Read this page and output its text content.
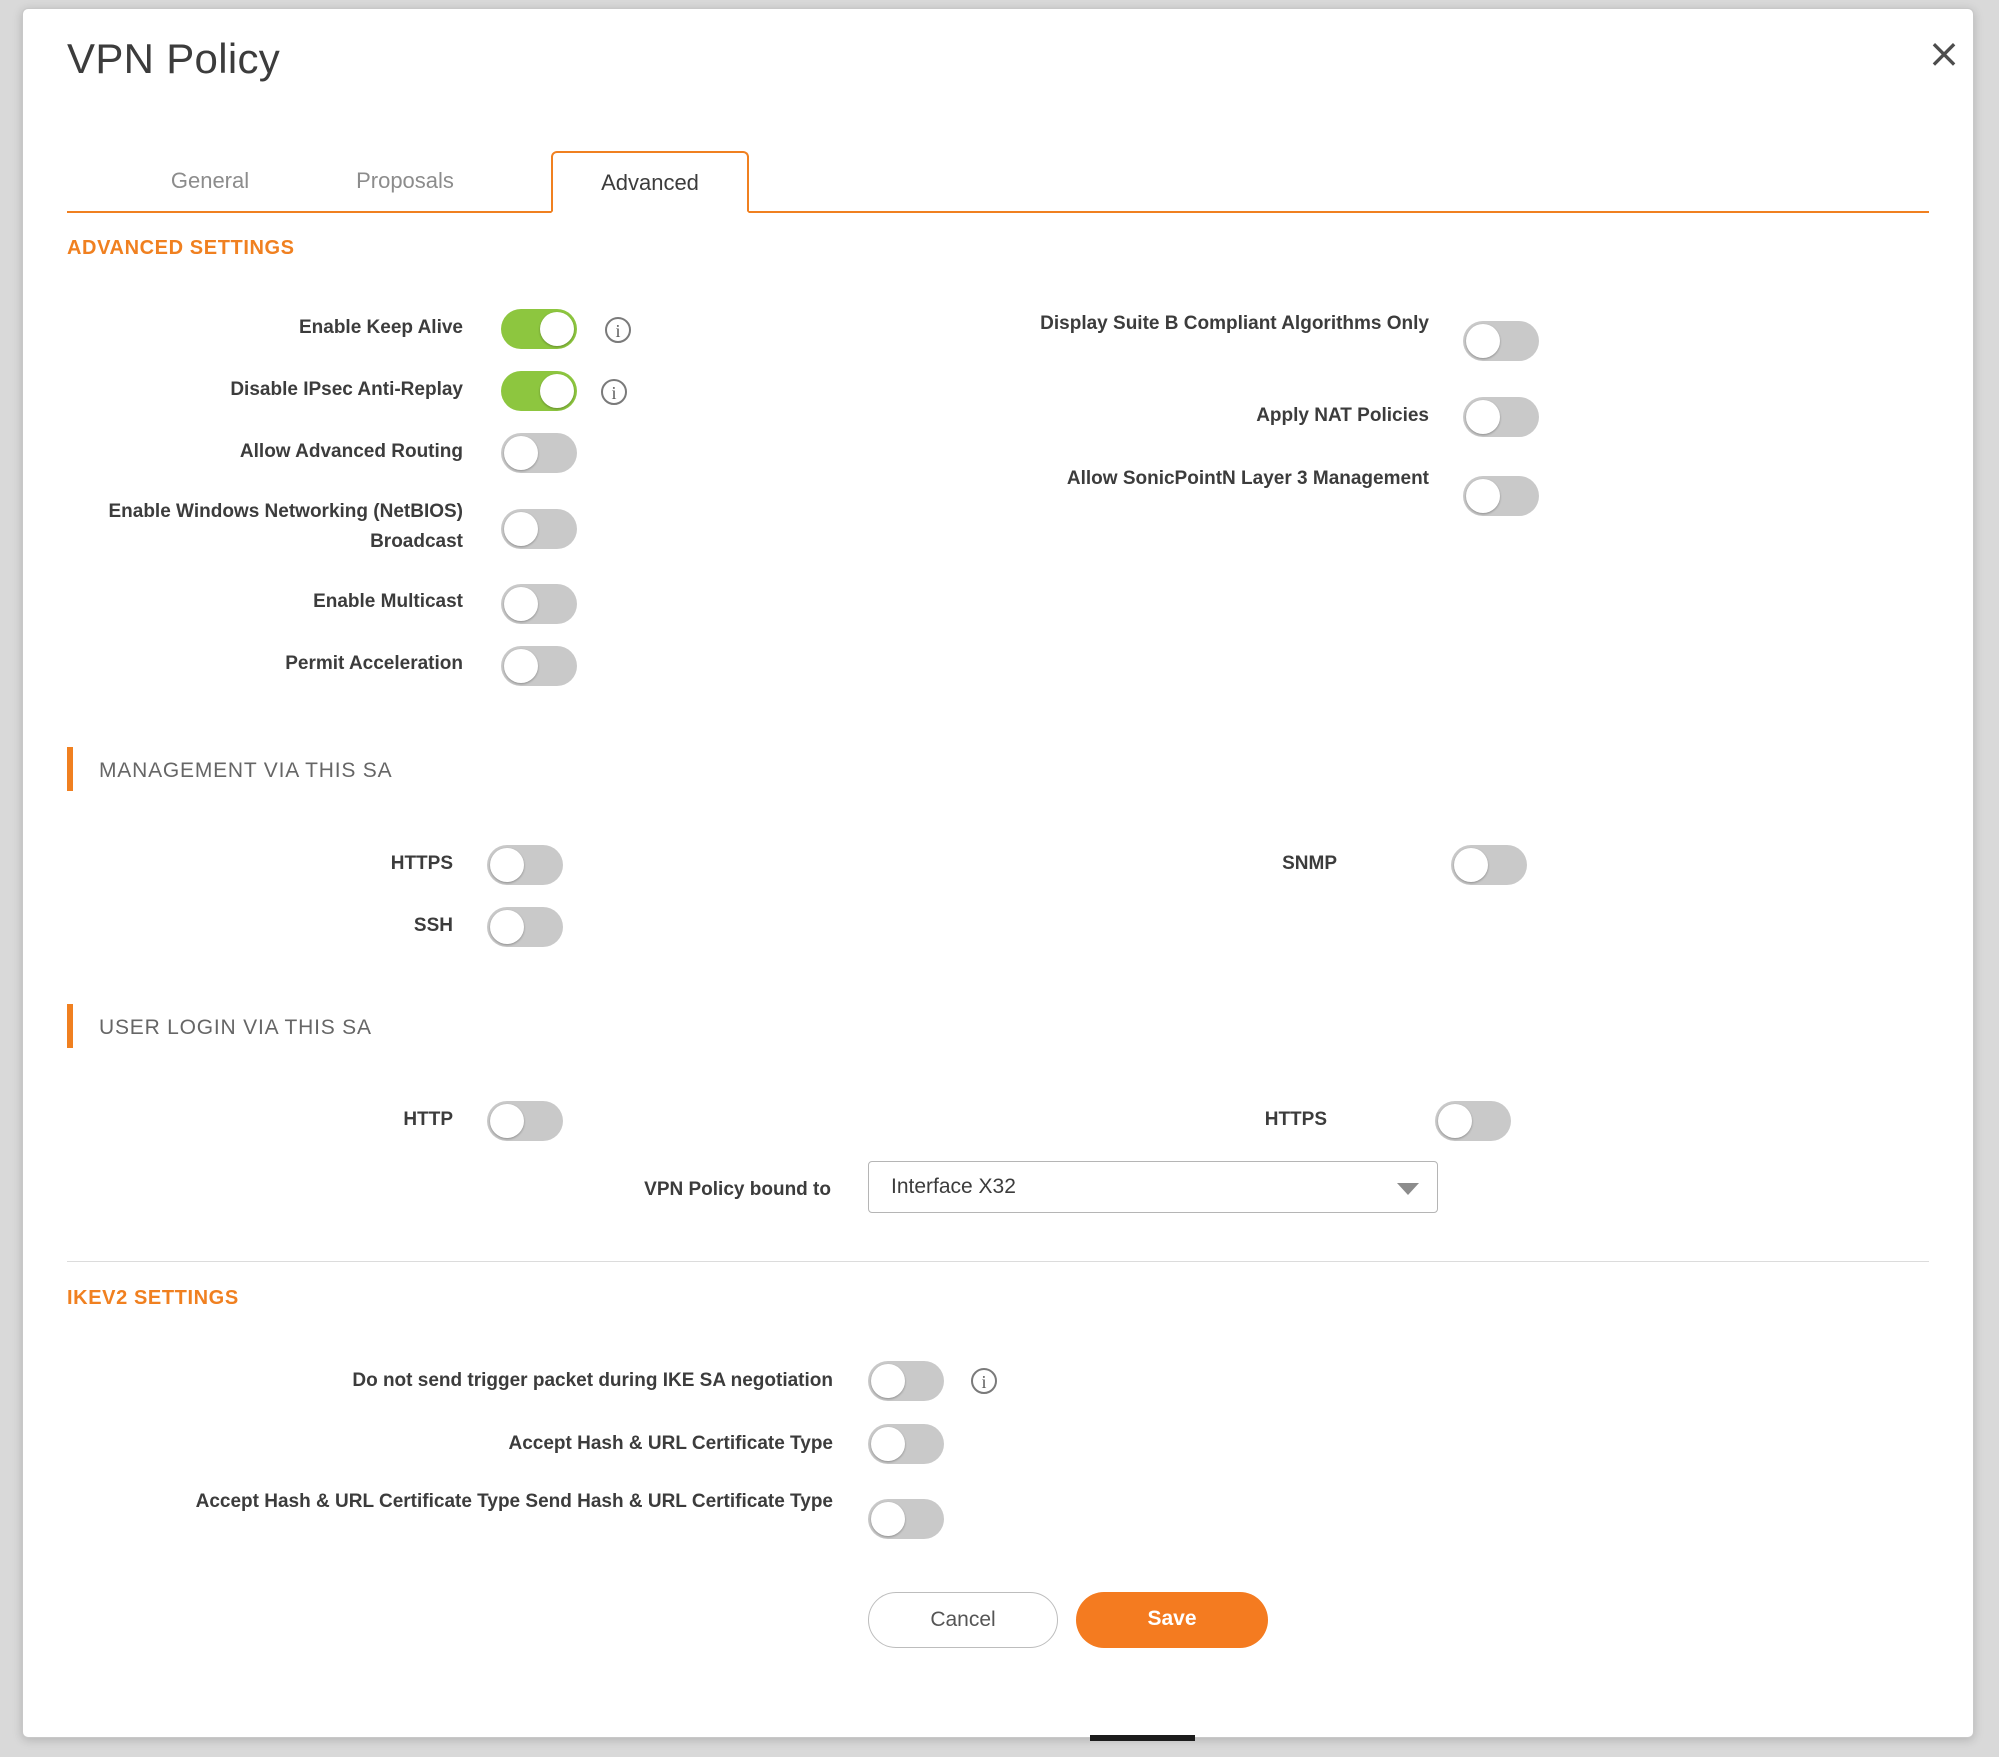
VPN Policy
General	Proposals	Advanced
ADVANCED SETTINGS
Enable Keep Alive	i
Disable IPsec Anti-Replay	i
Allow Advanced Routing
Enable Windows Networking (NetBIOS) Broadcast
Enable Multicast
Permit Acceleration
Display Suite B Compliant Algorithms Only
Apply NAT Policies
Allow SonicPointN Layer 3 Management
MANAGEMENT VIA THIS SA
HTTPS
SSH
SNMP
USER LOGIN VIA THIS SA
HTTP	HTTPS
VPN Policy bound to	Interface X32
IKEV2 SETTINGS
Do not send trigger packet during IKE SA negotiation	i
Accept Hash & URL Certificate Type
Accept Hash & URL Certificate Type Send Hash & URL Certificate Type
Cancel	Save
×
